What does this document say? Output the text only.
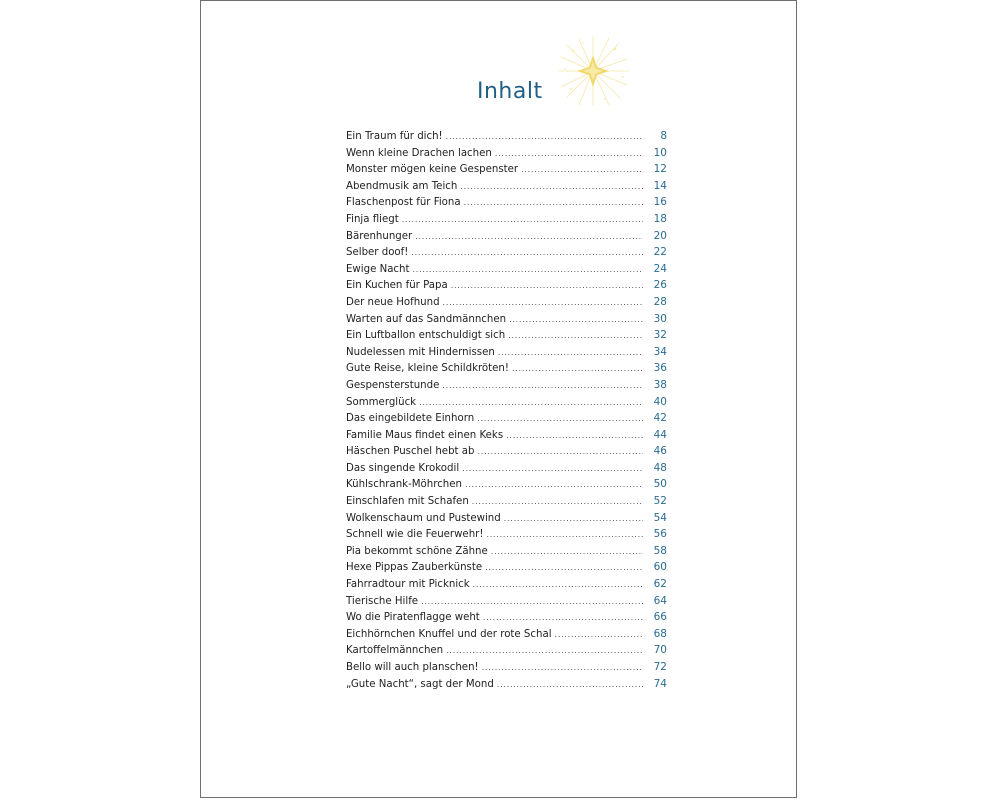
Inhalt
Ein Traum für dich! . . .	8
Wenn kleine Drachen lachen . . .	10
Monster mögen keine Gespenster . . .	12
Abendmusik am Teich . . .	14
Flaschenpost für Fiona . . .	16
Finja fliegt . . .	18
Bärenhunger . . .	20
Selber doof! . . .	22
Ewige Nacht . . .	24
Ein Kuchen für Papa . . .	26
Der neue Hofhund . . .	28
Warten auf das Sandmännchen . . .	30
Ein Luftballon entschuldigt sich . . .	32
Nudelessen mit Hindernissen . . .	34
Gute Reise, kleine Schildkröten! . . .	36
Gespensterstunde . . .	38
Sommerglück . . .	40
Das eingebildete Einhorn . . .	42
Familie Maus findet einen Keks . . .	44
Häschen Puschel hebt ab . . .	46
Das singende Krokodil . . .	48
Kühlschrank-Möhrchen . . .	50
Einschlafen mit Schafen . . .	52
Wolkenschaum und Pustewind . . .	54
Schnell wie die Feuerwehr! . . .	56
Pia bekommt schöne Zähne . . .	58
Hexe Pippas Zauberkünste . . .	60
Fahrradtour mit Picknick . . .	62
Tierische Hilfe . . .	64
Wo die Piratenflagge weht . . .	66
Eichhörnchen Knuffel und der rote Schal . . .	68
Kartoffelmännchen . . .	70
Bello will auch planschen! . . .	72
„Gute Nacht“, sagt der Mond . . .	74
